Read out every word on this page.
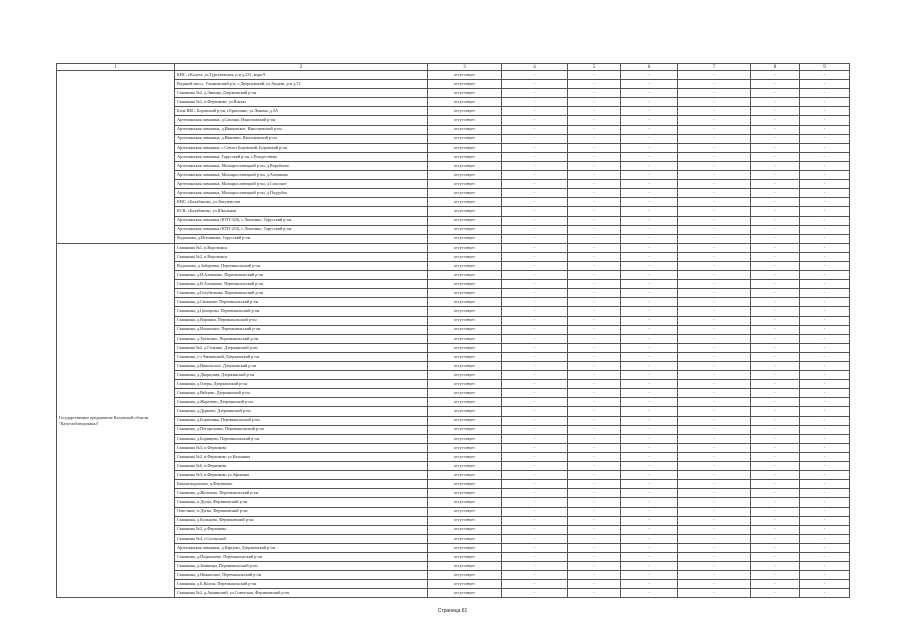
1	2	3	4	5	6	7	8	9
	КНС, г.Калуга, ул.Тургеневская, р-н д.231, корп.9	отсутствует	-	-	-	-	-	-
	Водяной насос, Ульяновский р-н, с.Дворцовский, ул.Анцева, р-н д.72	отсутствует	-	-	-	-	-	-
	Скважина №2, д.Энница, Дзержинский р-он	отсутствует	-	-	-	-	-	-
	Скважина №1, п.Ферзиково, ул.Вокзал	отсутствует	-	-	-	-	-	-
	Блок ВКС, Боровский р-он, г.Ермолино, ул.Ленина, д.3А	отсутствует	-	-	-	-	-	-
	Артезианская скважина, д.Сашина, Износковский р-он	отсутствует	-	-	-	-	-	-
	Артезианская скважина, д.Ивановское, Износковский р-он	отсутствует	-	-	-	-	-	-
	Артезианская скважина, д.Ивашево, Износковский р-он	отсутствует	-	-	-	-	-	-
	Артезианская скважина, с.Совхоз Боровский, Боровский р-он	отсутствует	-	-	-	-	-	-
	Артезианская скважина, Тарусский р-он, с.Рождествено	отсутствует	-	-	-	-	-	-
	Артезианская скважина, Малоярославецкий р-он, д.Воробьево	отсутствует	-	-	-	-	-	-
	Артезианская скважина, Малоярославецкий р-он, д.Алешково	отсутствует	-	-	-	-	-	-
	Артезианская скважина, Малоярославецкий р-он, д.Спасское	отсутствует	-	-	-	-	-	-
	Артезианская скважина, Малоярославецкий р-он, д.Поддубье	отсутствует	-	-	-	-	-	-
	КНС, г.Балабаново, ул.Энтузиастов	отсутствует	-	-	-	-	-	-
	КСН, г.Балабаново, ул.Школьная	отсутствует	-	-	-	-	-	-
	Артезианская скважина (КТП-320), с.Лопатино, Тарусский р-он	отсутствует	-	-	-	-	-	-
	Артезианская скважина (КТП-253), с.Лопатино, Тарусский р-он	отсутствует	-	-	-	-	-	-
	Водокачка, д.Истоминка, Тарусский р-он	отсутствует	-	-	-	-	-	-
Государственное предприятие Калужской области "Калугаоблводоканал"	Скважина №1, п.Воротынск	отсутствует	-	-	-	-	-	-
	Скважина №2, п.Воротынск	отсутствует	-	-	-	-	-	-
	Водокачка, д.Заборовка, Перемышльский р-он	отсутствует	-	-	-	-	-	-
	Скважина, д.Н.Алешково, Перемышльский р-он	отсутствует	-	-	-	-	-	-
	Скважина, д.В.Алешково, Перемышльский р-он	отсутствует	-	-	-	-	-	-
	Скважина, д.Голубятинка, Перемышльский р-он	отсутствует	-	-	-	-	-	-
	Скважина, д.Сильково, Перемышльский р-он	отсутствует	-	-	-	-	-	-
	Скважина, д.Григорово, Перемышльский р-он	отсутствует	-	-	-	-	-	-
	Скважина, д.Воронки, Перемышльский р-он	отсутствует	-	-	-	-	-	-
	Скважина, д.Ильинское, Перемышльский р-он	отсутствует	-	-	-	-	-	-
	Скважина, д.Хотисино, Перемышльский р-он	отсутствует	-	-	-	-	-	-
	Скважина №2, д.Галкино, Дзержинский р-он	отсутствует	-	-	-	-	-	-
	Скважина, с-з Чапаевский, Дзержинский р-он	отсутствует	-	-	-	-	-	-
	Скважина, д.Никольское, Дзержинский р-он	отсутствует	-	-	-	-	-	-
	Скважина, д.Дворцовая, Дзержинский р-он	отсутствует	-	-	-	-	-	-
	Скважина, д.Озеры, Дзержинский р-он	отсутствует	-	-	-	-	-	-
	Скважина, д.Рябцево, Дзержинский р-он	отсутствует	-	-	-	-	-	-
	Скважина, д.Жерелево, Дзержинский р-он	отсутствует	-	-	-	-	-	-
	Скважина, д.Дурнево, Дзержинский р-он	отсутствует	-	-	-	-	-	-
	Скважина, д.Борятинка, Перемышльский р-он	отсутствует	-	-	-	-	-	-
	Скважина, д.Погореловка, Перемышльский р-он	отсутствует	-	-	-	-	-	-
	Скважина, д.Борищево, Перемышльский р-он	отсутствует	-	-	-	-	-	-
	Скважина №3, п.Ферзиково	отсутствует	-	-	-	-	-	-
	Скважина №2, п.Ферзиково ул.Калинина	отсутствует	-	-	-	-	-	-
	Скважина №6, п.Ферзиково	отсутствует	-	-	-	-	-	-
	Скважина №3, п.Ферзиково ул.Афонина	отсутствует	-	-	-	-	-	-
	Башня-водокачка, п.Ферзиково	отсутствует	-	-	-	-	-	-
	Скважина, д.Железово, Перемышльский р-он	отсутствует	-	-	-	-	-	-
	Скважина, п.Дугна, Ферзиковский р-он	отсутствует	-	-	-	-	-	-
	Очистные, п.Дугна, Ферзиковский р-он	отсутствует	-	-	-	-	-	-
	Скважина, д.Кольцово, Ферзиковский р-он	отсутствует	-	-	-	-	-	-
	Скважина №2, д.Ферзиково	отсутствует	-	-	-	-	-	-
	Скважина №4, г.Сосенский	отсутствует	-	-	-	-	-	-
	Артезианская скважина, д.Карцово, Дзержинский р-он	отсутствует	-	-	-	-	-	-
	Скважина, д.Подкопаево, Перемышльский р-он	отсутствует	-	-	-	-	-	-
	Скважина, д.Зимницы, Перемышльский р-он	отсутствует	-	-	-	-	-	-
	Скважина, д.Нижнеское, Перемышльский р-он	отсутствует	-	-	-	-	-	-
	Скважина, д.Б.Колпы, Перемышльский р-он	отсутствует	-	-	-	-	-	-
	Скважина №2, д.Аннинский, ул.Советская, Ферзиковский р-он	отсутствует	-	-	-	-	-	-
Страница 61
